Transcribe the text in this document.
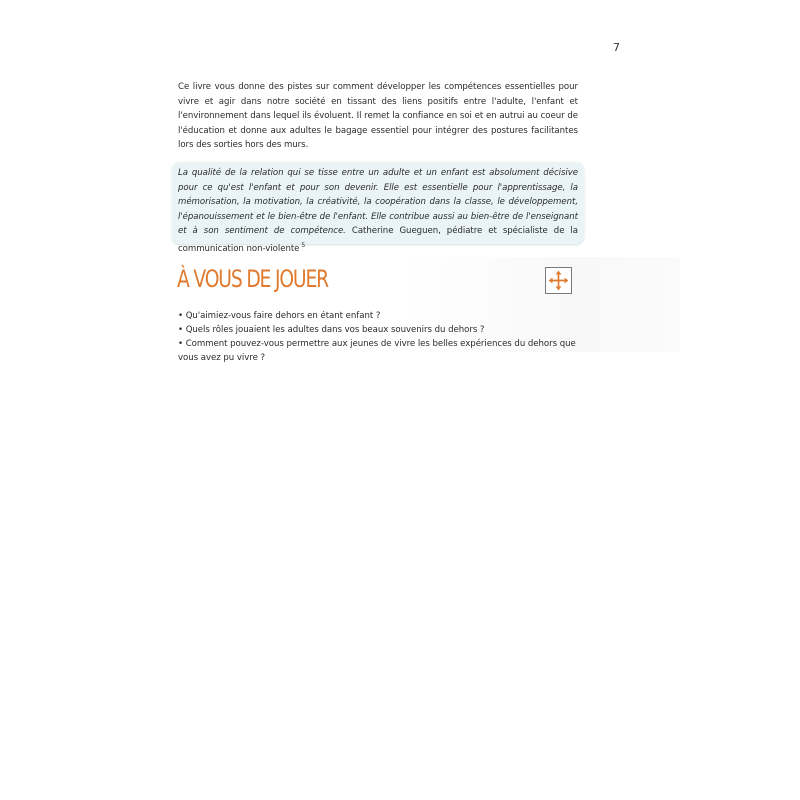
7

Ce livre vous donne des pistes sur comment développer les compétences essentielles pour vivre et agir dans notre société en tissant des liens positifs entre l'adulte, l'enfant et l'environnement dans lequel ils évoluent. Il remet la confiance en soi et en autrui au coeur de l'éducation et donne aux adultes le bagage essentiel pour intégrer des postures facilitantes lors des sorties hors des murs.

La qualité de la relation qui se tisse entre un adulte et un enfant est absolument décisive pour ce qu'est l'enfant et pour son devenir. Elle est essentielle pour l'apprentissage, la mémorisation, la motivation, la créativité, la coopération dans la classe, le développement, l'épanouissement et le bien-être de l'enfant. Elle contribue aussi au bien-être de l'enseignant et à son sentiment de compétence. Catherine Gueguen, pédiatre et spécialiste de la communication non-violente $^5$

À VOUS DE JOUER
• Qu'aimiez-vous faire dehors en étant enfant ?
• Quels rôles jouaient les adultes dans vos beaux souvenirs du dehors ?
• Comment pouvez-vous permettre aux jeunes de vivre les belles expériences du dehors que vous avez pu vivre ?
